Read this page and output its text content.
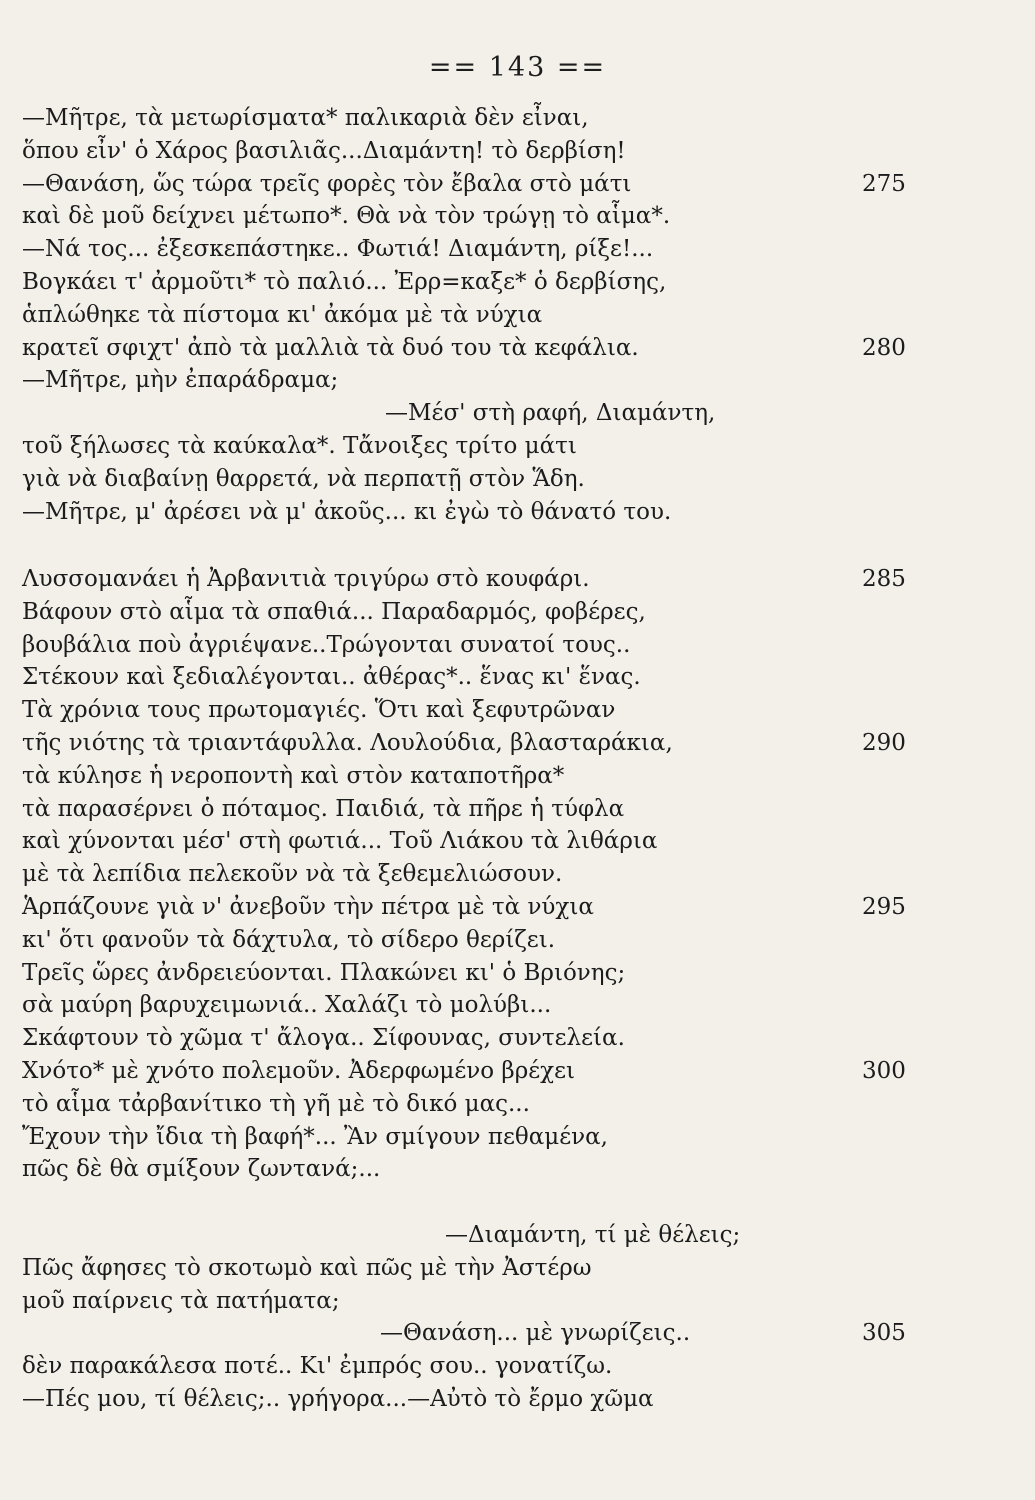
== 143 ==
—Μῆτρε, τὰ μετωρίσματα* παλικαριὰ δὲν εἶναι,
ὅπου εἶν' ὁ Χάρος βασιλιᾶς...Διαμάντη! τὸ δερβίση!
—Θανάση, ὥς τώρα τρεῖς φορὲς τὸν ἔβαλα στὸ μάτι	275
καὶ δὲ μοῦ δείχνει μέτωπο*. Θὰ νὰ τὸν τρώγῃ τὸ αἷμα*.
—Νά τος... ἐξεσκεπάστηκε.. Φωτιά! Διαμάντη, ρίξε!...
Βογκάει τ' ἀρμοῦτι* τὸ παλιό... Ἐρρ=καξε* ὁ δερβίσης,
ἁπλώθηκε τὰ πίστομα κι' ἀκόμα μὲ τὰ νύχια
κρατεῖ σφιχτ' ἀπὸ τὰ μαλλιὰ τὰ δυό του τὰ κεφάλια.	280
—Μῆτρε, μὴν ἐπαράδραμα;
—Μέσ' στὴ ραφή, Διαμάντη,
τοῦ ξήλωσες τὰ καύκαλα*. Τἄνοιξες τρίτο μάτι
γιὰ νὰ διαβαίνῃ θαρρετά, νὰ περπατῇ στὸν Ἅδη.
—Μῆτρε, μ' ἀρέσει νὰ μ' ἀκοῦς... κι ἐγὼ τὸ θάνατό του.
Λυσσομανάει ἡ Ἀρβανιτιὰ τριγύρω στὸ κουφάρι.	285
Βάφουν στὸ αἷμα τὰ σπαθιά... Παραδαρμός, φοβέρες,
βουβάλια ποὺ ἀγριέψανε..Τρώγονται συνατοί τους..
Στέκουν καὶ ξεδιαλέγονται.. ἀθέρας*.. ἕνας κι' ἕνας.
Τὰ χρόνια τους πρωτομαγιές. Ὅτι καὶ ξεφυτρῶναν
τῆς νιότης τὰ τριαντάφυλλα. Λουλούδια, βλασταράκια,	290
τὰ κύλησε ἡ νεροποντὴ καὶ στὸν καταποτῆρα*
τὰ παρασέρνει ὁ πόταμος. Παιδιά, τὰ πῆρε ἡ τύφλα
καὶ χύνονται μέσ' στὴ φωτιά... Τοῦ Λιάκου τὰ λιθάρια
μὲ τὰ λεπίδια πελεκοῦν νὰ τὰ ξεθεμελιώσουν.
Ἁρπάζουνε γιὰ ν' ἀνεβοῦν τὴν πέτρα μὲ τὰ νύχια	295
κι' ὅτι φανοῦν τὰ δάχτυλα, τὸ σίδερο θερίζει.
Τρεῖς ὥρες ἀνδρειεύονται. Πλακώνει κι' ὁ Βριόνης;
σὰ μαύρη βαρυχειμωνιά.. Χαλάζι τὸ μολύβι...
Σκάφτουν τὸ χῶμα τ' ἄλογα.. Σίφουνας, συντελεία.
Χνότο* μὲ χνότο πολεμοῦν. Ἀδερφωμένο βρέχει	300
τὸ αἷμα τἀρβανίτικο τὴ γῆ μὲ τὸ δικό μας...
Ἔχουν τὴν ἴδια τὴ βαφή*... Ἂν σμίγουν πεθαμένα,
πῶς δὲ θὰ σμίξουν ζωντανά;...
—Διαμάντη, τί μὲ θέλεις;
Πῶς ἄφησες τὸ σκοτωμὸ καὶ πῶς μὲ τὴν Ἀστέρω
μοῦ παίρνεις τὰ πατήματα;
—Θανάση... μὲ γνωρίζεις..	305
δὲν παρακάλεσα ποτέ.. Κι' ἐμπρός σου.. γονατίζω.
—Πές μου, τί θέλεις;.. γρήγορα...—Αὐτὸ τὸ ἔρμο χῶμα
